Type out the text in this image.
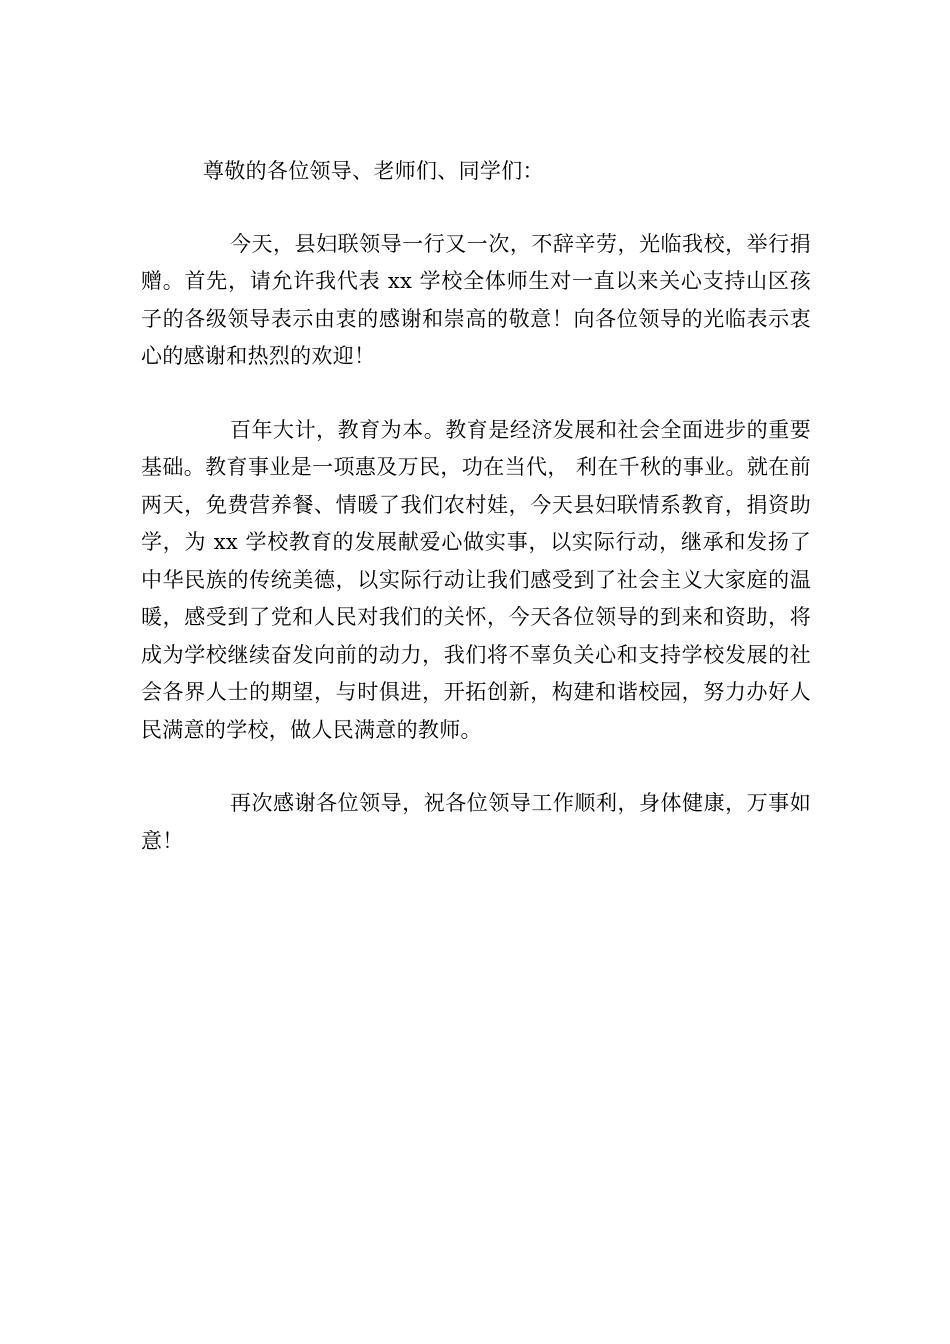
尊敬的各位领导、老师们、同学们：

今天，县妇联领导一行又一次，不辞辛劳，光临我校，举行捐赠。首先，请允许我代表 xx 学校全体师生对一直以来关心支持山区孩子的各级领导表示由衷的感谢和崇高的敬意！向各位领导的光临表示衷心的感谢和热烈的欢迎！

百年大计，教育为本。教育是经济发展和社会全面进步的重要基础。教育事业是一项惠及万民，功在当代， 利在千秋的事业。就在前两天，免费营养餐、情暖了我们农村娃，今天县妇联情系教育，捐资助学，为 xx 学校教育的发展献爱心做实事，以实际行动，继承和发扬了中华民族的传统美德，以实际行动让我们感受到了社会主义大家庭的温暖，感受到了党和人民对我们的关怀，今天各位领导的到来和资助，将成为学校继续奋发向前的动力，我们将不辜负关心和支持学校发展的社会各界人士的期望，与时俱进，开拓创新，构建和谐校园，努力办好人民满意的学校，做人民满意的教师。

再次感谢各位领导，祝各位领导工作顺利，身体健康，万事如意！
